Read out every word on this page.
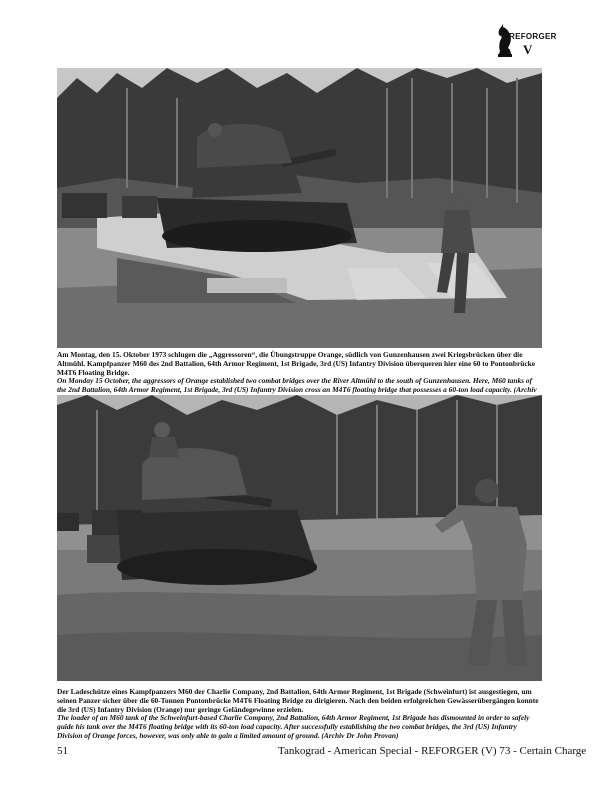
REFORGER
V

Am Montag, den 15. Oktober 1973 schlugen die „Aggressoren“, die Übungstruppe Orange, südlich von Gunzenhausen zwei Kriegsbrücken über die Altmühl. Kampfpanzer M60 des 2nd Battalion, 64th Armor Regiment, 1st Brigade, 3rd (US) Infantry Division überqueren hier eine 60 to Pontonbrücke M4T6 Floating Bridge.

On Monday 15 October, the aggressors of Orange established two combat bridges over the River Altmühl to the south of Gunzenhausen. Here, M60 tanks of the 2nd Battalion, 64th Armor Regiment, 1st Brigade, 3rd (US) Infantry Division cross an M4T6 floating bridge that possesses a 60-ton load capacity. (Archiv

Der Ladeschütze eines Kampfpanzers M60 der Charlie Company, 2nd Battalion, 64th Armor Regiment, 1st Brigade (Schweinfurt) ist ausgestiegen, um seinen Panzer sicher über die 60-Tonnen Pontonbrücke M4T6 Floating Bridge zu dirigieren. Nach den beiden erfolgreichen Gewässerübergängen konnte die 3rd (US) Infantry Division (Orange) nur geringe Geländegewinne erzielen.

The loader of an M60 tank of the Schweinfurt-based Charlie Company, 2nd Battalion, 64th Armor Regiment, 1st Brigade has dismounted in order to safely guide his tank over the M4T6 floating bridge with its 60-ton load capacity. After successfully establishing the two combat bridges, the 3rd (US) Infantry Division of Orange forces, however, was only able to gain a limited amount of ground. (Archiv Dr John Provan)

51	Tankograd - American Special - REFORGER (V) 73 - Certain Charge
